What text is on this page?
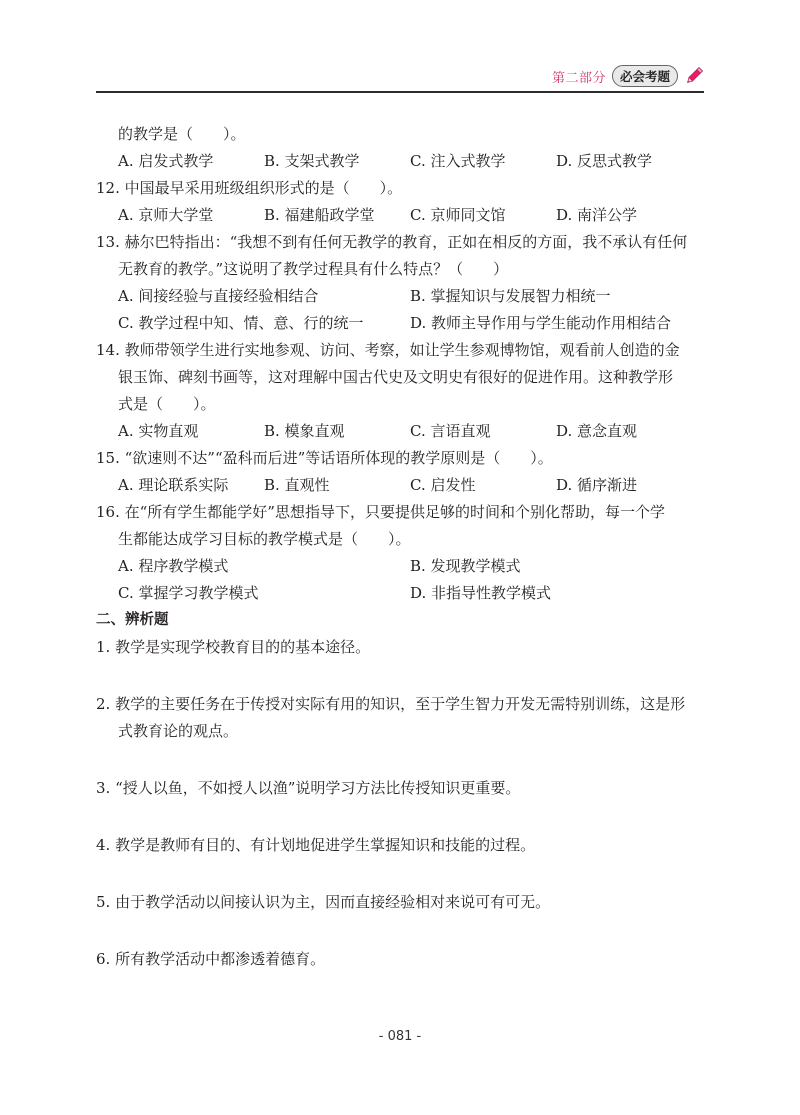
第二部分	必会考题
的教学是（　　）。
A. 启发式教学	B. 支架式教学	C. 注入式教学	D. 反思式教学
12. 中国最早采用班级组织形式的是（　　）。
A. 京师大学堂	B. 福建船政学堂	C. 京师同文馆	D. 南洋公学
13. 赫尔巴特指出：“我想不到有任何无教学的教育，正如在相反的方面，我不承认有任何
无教育的教学。”这说明了教学过程具有什么特点？（　　）
A. 间接经验与直接经验相结合	B. 掌握知识与发展智力相统一
C. 教学过程中知、情、意、行的统一	D. 教师主导作用与学生能动作用相结合
14. 教师带领学生进行实地参观、访问、考察，如让学生参观博物馆，观看前人创造的金
银玉饰、碑刻书画等，这对理解中国古代史及文明史有很好的促进作用。这种教学形
式是（　　）。
A. 实物直观	B. 模象直观	C. 言语直观	D. 意念直观
15. “欲速则不达”“盈科而后进”等话语所体现的教学原则是（　　）。
A. 理论联系实际	B. 直观性	C. 启发性	D. 循序渐进
16. 在“所有学生都能学好”思想指导下，只要提供足够的时间和个别化帮助，每一个学
生都能达成学习目标的教学模式是（　　）。
A. 程序教学模式	B. 发现教学模式
C. 掌握学习教学模式	D. 非指导性教学模式
二、辨析题
1. 教学是实现学校教育目的的基本途径。
2. 教学的主要任务在于传授对实际有用的知识，至于学生智力开发无需特别训练，这是形
式教育论的观点。
3. “授人以鱼，不如授人以渔”说明学习方法比传授知识更重要。
4. 教学是教师有目的、有计划地促进学生掌握知识和技能的过程。
5. 由于教学活动以间接认识为主，因而直接经验相对来说可有可无。
6. 所有教学活动中都渗透着德育。
- 081 -
